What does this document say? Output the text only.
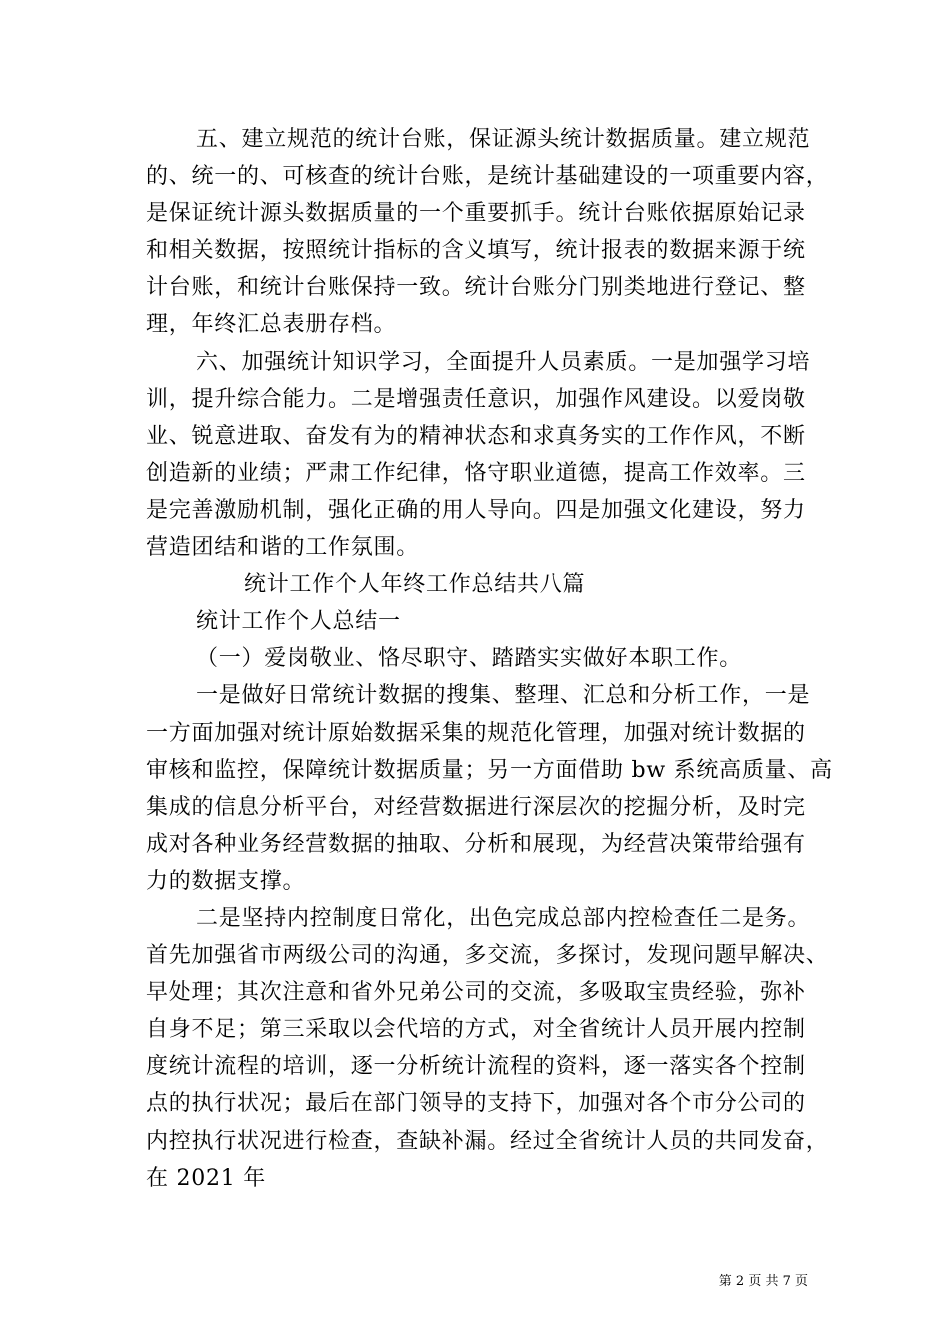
五、建立规范的统计台账，保证源头统计数据质量。建立规范
的、统一的、可核查的统计台账，是统计基础建设的一项重要内容，
是保证统计源头数据质量的一个重要抓手。统计台账依据原始记录
和相关数据，按照统计指标的含义填写，统计报表的数据来源于统
计台账，和统计台账保持一致。统计台账分门别类地进行登记、整
理，年终汇总表册存档。
六、加强统计知识学习，全面提升人员素质。一是加强学习培
训，提升综合能力。二是增强责任意识，加强作风建设。以爱岗敬
业、锐意进取、奋发有为的精神状态和求真务实的工作作风，不断
创造新的业绩；严肃工作纪律，恪守职业道德，提高工作效率。三
是完善激励机制，强化正确的用人导向。四是加强文化建设，努力
营造团结和谐的工作氛围。
统计工作个人年终工作总结共八篇
统计工作个人总结一
（一）爱岗敬业、恪尽职守、踏踏实实做好本职工作。
一是做好日常统计数据的搜集、整理、汇总和分析工作，一是
一方面加强对统计原始数据采集的规范化管理，加强对统计数据的
审核和监控，保障统计数据质量；另一方面借助 bw 系统高质量、高
集成的信息分析平台，对经营数据进行深层次的挖掘分析，及时完
成对各种业务经营数据的抽取、分析和展现，为经营决策带给强有
力的数据支撑。
二是坚持内控制度日常化，出色完成总部内控检查任二是务。
首先加强省市两级公司的沟通，多交流，多探讨，发现问题早解决、
早处理；其次注意和省外兄弟公司的交流，多吸取宝贵经验，弥补
自身不足；第三采取以会代培的方式，对全省统计人员开展内控制
度统计流程的培训，逐一分析统计流程的资料，逐一落实各个控制
点的执行状况；最后在部门领导的支持下，加强对各个市分公司的
内控执行状况进行检查，查缺补漏。经过全省统计人员的共同发奋，
在 2021 年
第 2 页 共 7 页
